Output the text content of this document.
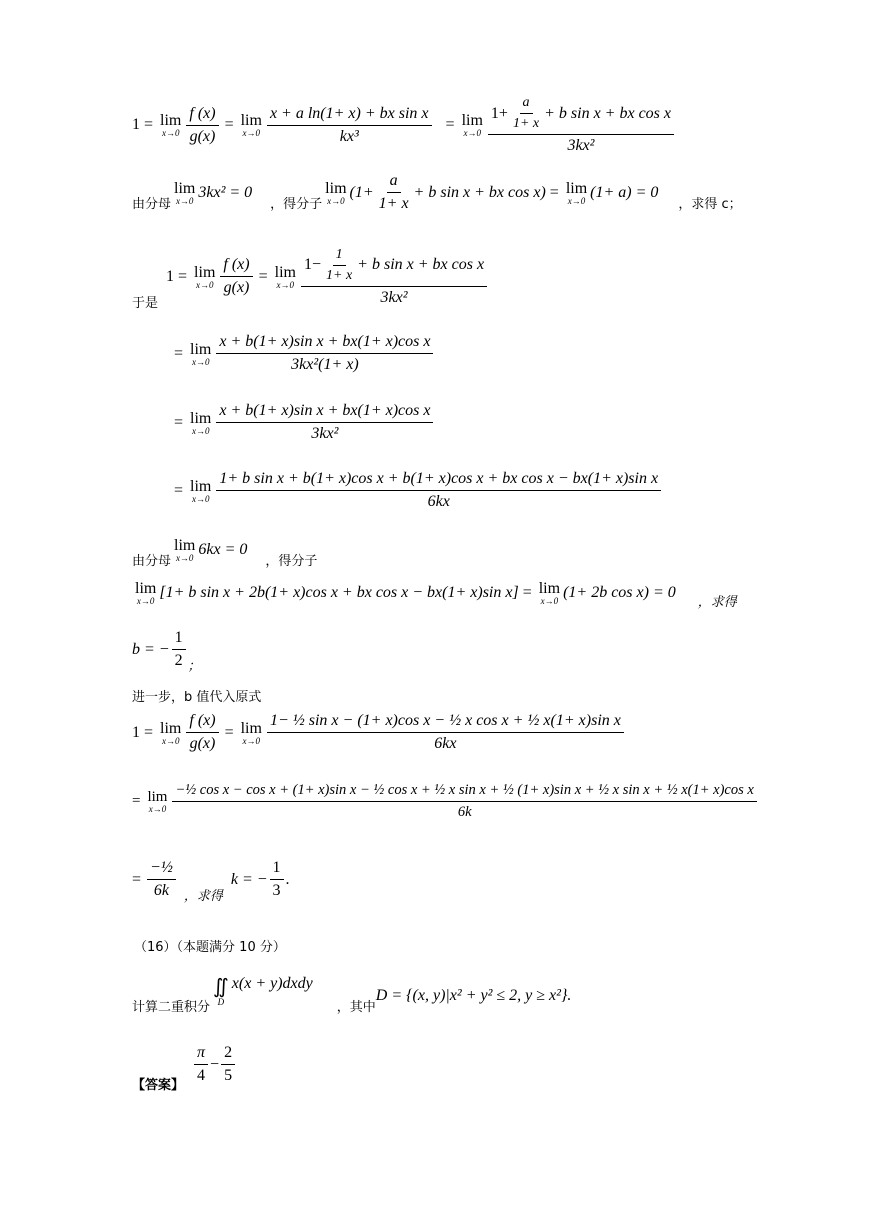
1 = lim
$x\to 0 \frac{f (x)}{g(x)} = \lim$
$x\to 0 \frac{\text{x + a ln(1+ x) + bx sin x}}{\text{kx³}} = \lim$
$x\to 0 \frac{1+ \frac{a}{1+ x} + b \sin x + bx \cos x}{\text{3kx²}}$
由分母
lim
x→0 3kx² = 0
，得分子
lim
x→0 ($1+ \frac{a}{1+ x} + b$ sin x + bx cos x) = lim
x→0 (1+ a) = 0
，求得 c；
于是
1 = lim
$x\to 0 \frac{f (x)}{g(x)} = \lim$
$x\to 0 \frac{1- \frac{1}{1+ x} + b \sin x + bx \cos x}{\text{3kx²}}$
= lim
$x\to 0 \frac{\text{x + b(1+ x)sin x + bx(1+ x)cos x}}{\text{3kx²(1+ x)}}$
= lim
$x\to 0 \frac{\text{x + b(1+ x)sin x + bx(1+ x)cos x}}{\text{3kx²}}$
= lim
x→0
1+ b sin x + b(1+ x)cos x + b(1+ x)cos x + bx cos x − bx(1+ x)sin x
6kx
由分母
lim
x→0 6kx = 0
，得分子
lim
x→0 [1+ b sin x + 2b(1+ x)cos x + bx cos x − bx(1+ x)sin x] = lim
x→0 (1+ 2b cos x) = 0
，求得
b = − $\frac{1}{2}$ ；
进一步，b 值代入原式
1 = lim
$x\to 0 \frac{f (x)}{g(x)} = \lim$
$x\to 0 \frac{\text{1− ½ sin x − (1+ x)cos x − ½ x cos x + ½ x(1+ x)sin x}}{6kx}$
= lim
x→0
−½ cos x − cos x + (1+ x)sin x − ½ cos x + ½ x sin x + ½ (1+ x)sin x + ½ x sin x + ½ x(1+ x)cos x
6k
= $\frac{\text{−½}}{6k}$ ，求得
k = − $\frac{1}{3}$ .
（16）（本题满分 10 分）
计算二重积分
∬
D
x(x + y)dxdy
，其中
D = {(x, y)|x² + y² ≤ 2, y ≥ x²}.
【答案】
$\frac{\pi}{4} - \frac{2}{5}$
